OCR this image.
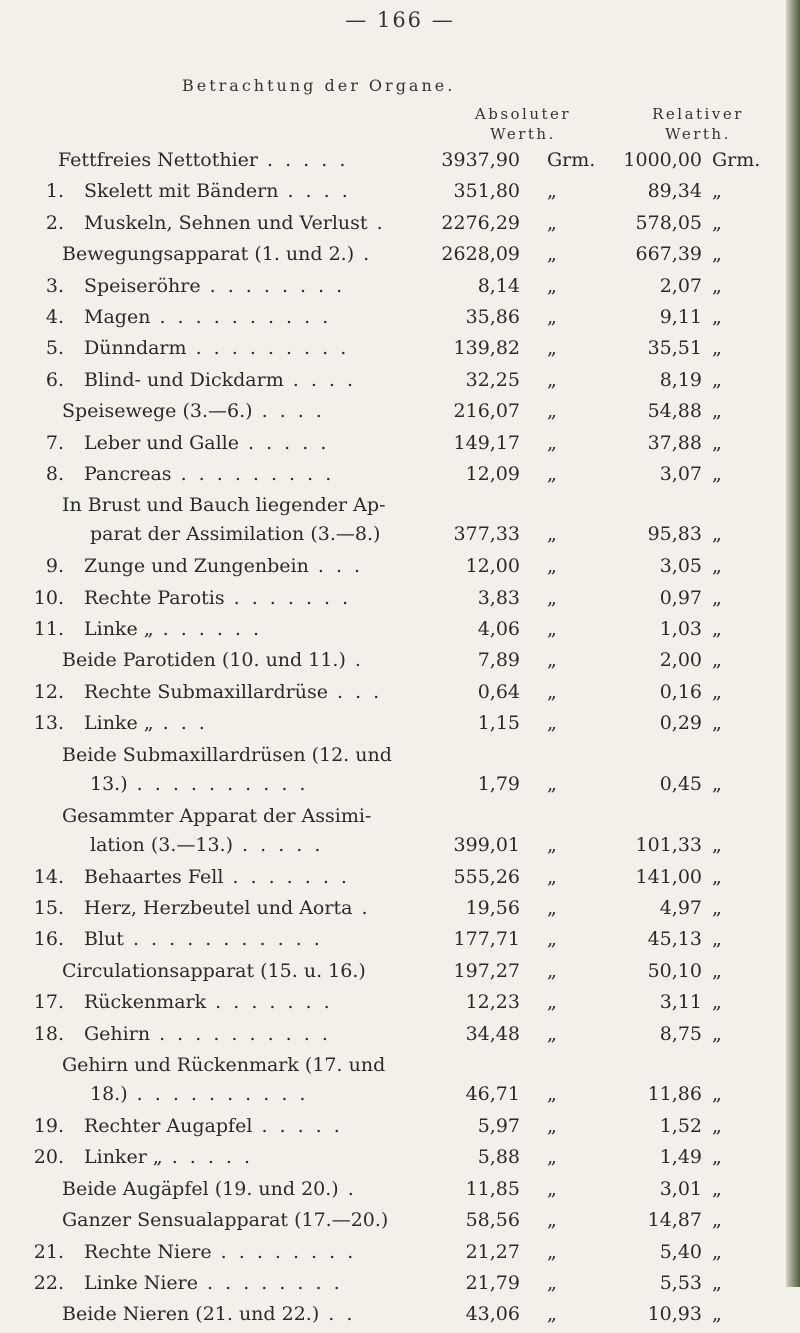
— 166 —
Betrachtung der Organe.
Absoluter Werth.
Relativer Werth.
Fettfreies Nettothier . . . . .	3937,90 Grm.	1000,00 Grm.
1. Skelett mit Bändern . . . .	351,80 „	89,34 „
2. Muskeln, Sehnen und Verlust .	2276,29 „	578,05 „
Bewegungsapparat (1. und 2.) .	2628,09 „	667,39 „
3. Speiseröhre . . . . . . . .	8,14 „	2,07 „
4. Magen . . . . . . . . . .	35,86 „	9,11 „
5. Dünndarm . . . . . . . . .	139,82 „	35,51 „
6. Blind- und Dickdarm . . . .	32,25 „	8,19 „
Speisewege (3.—6.) . . . .	216,07 „	54,88 „
7. Leber und Galle . . . . .	149,17 „	37,88 „
8. Pancreas . . . . . . . . .	12,09 „	3,07 „
In Brust und Bauch liegender Ap-
parat der Assimilation (3.—8.)	377,33 „	95,83 „
9. Zunge und Zungenbein . . .	12,00 „	3,05 „
10. Rechte Parotis . . . . . . .	3,83 „	0,97 „
11. Linke „ . . . . . .	4,06 „	1,03 „
Beide Parotiden (10. und 11.) .	7,89 „	2,00 „
12. Rechte Submaxillardrüse . . .	0,64 „	0,16 „
13. Linke „ . . .	1,15 „	0,29 „
Beide Submaxillardrüsen (12. und
13.) . . . . . . . . . .	1,79 „	0,45 „
Gesammter Apparat der Assimi-
lation (3.—13.) . . . . .	399,01 „	101,33 „
14. Behaartes Fell . . . . . . .	555,26 „	141,00 „
15. Herz, Herzbeutel und Aorta .	19,56 „	4,97 „
16. Blut . . . . . . . . . . .	177,71 „	45,13 „
Circulationsapparat (15. u. 16.)	197,27 „	50,10 „
17. Rückenmark . . . . . . .	12,23 „	3,11 „
18. Gehirn . . . . . . . . . .	34,48 „	8,75 „
Gehirn und Rückenmark (17. und
18.) . . . . . . . . . .	46,71 „	11,86 „
19. Rechter Augapfel . . . . .	5,97 „	1,52 „
20. Linker „ . . . . .	5,88 „	1,49 „
Beide Augäpfel (19. und 20.) .	11,85 „	3,01 „
Ganzer Sensualapparat (17.—20.)	58,56 „	14,87 „
21. Rechte Niere . . . . . . . .	21,27 „	5,40 „
22. Linke Niere . . . . . . . .	21,79 „	5,53 „
Beide Nieren (21. und 22.) . .	43,06 „	10,93 „
